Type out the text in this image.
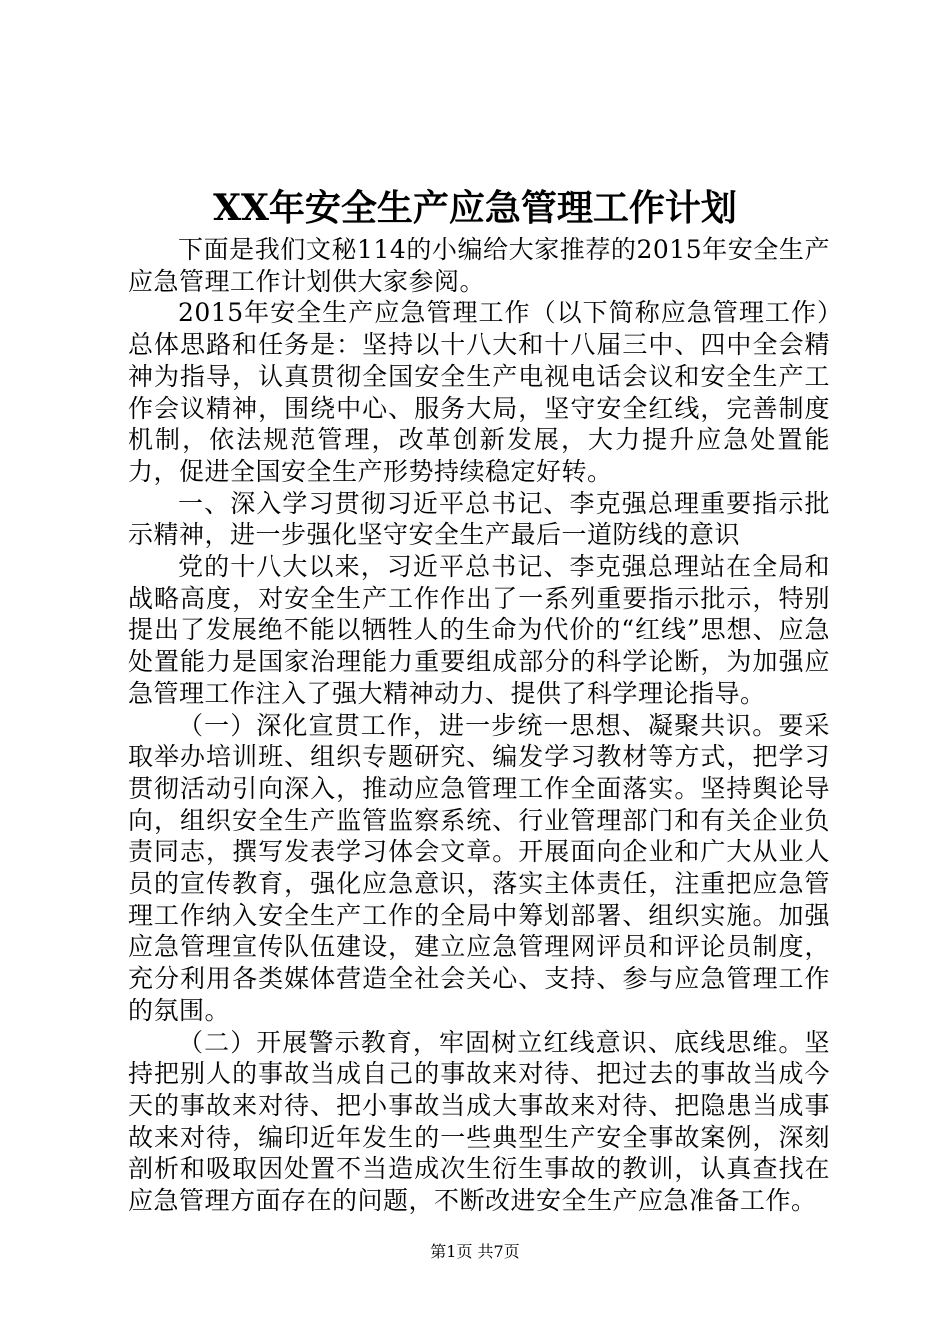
XX年安全生产应急管理工作计划

下面是我们文秘114的小编给大家推荐的2015年安全生产应急管理工作计划供大家参阅。

2015年安全生产应急管理工作（以下简称应急管理工作）总体思路和任务是：坚持以十八大和十八届三中、四中全会精神为指导，认真贯彻全国安全生产电视电话会议和安全生产工作会议精神，围绕中心、服务大局，坚守安全红线，完善制度机制，依法规范管理，改革创新发展，大力提升应急处置能力，促进全国安全生产形势持续稳定好转。

一、深入学习贯彻习近平总书记、李克强总理重要指示批示精神，进一步强化坚守安全生产最后一道防线的意识

党的十八大以来，习近平总书记、李克强总理站在全局和战略高度，对安全生产工作作出了一系列重要指示批示，特别提出了发展绝不能以牺牲人的生命为代价的“红线”思想、应急处置能力是国家治理能力重要组成部分的科学论断，为加强应急管理工作注入了强大精神动力、提供了科学理论指导。

（一）深化宣贯工作，进一步统一思想、凝聚共识。要采取举办培训班、组织专题研究、编发学习教材等方式，把学习贯彻活动引向深入，推动应急管理工作全面落实。坚持舆论导向，组织安全生产监管监察系统、行业管理部门和有关企业负责同志，撰写发表学习体会文章。开展面向企业和广大从业人员的宣传教育，强化应急意识，落实主体责任，注重把应急管理工作纳入安全生产工作的全局中筹划部署、组织实施。加强应急管理宣传队伍建设，建立应急管理网评员和评论员制度，充分利用各类媒体营造全社会关心、支持、参与应急管理工作的氛围。

（二）开展警示教育，牢固树立红线意识、底线思维。坚持把别人的事故当成自己的事故来对待、把过去的事故当成今天的事故来对待、把小事故当成大事故来对待、把隐患当成事故来对待，编印近年发生的一些典型生产安全事故案例，深刻剖析和吸取因处置不当造成次生衍生事故的教训，认真查找在应急管理方面存在的问题，不断改进安全生产应急准备工作。

第1页 共7页
